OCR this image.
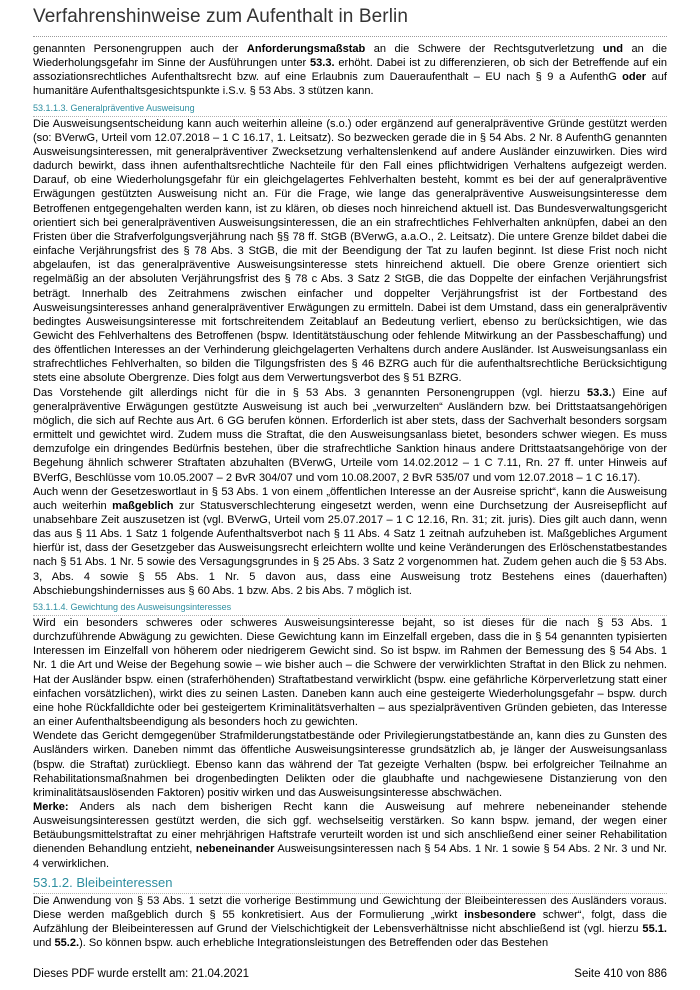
Verfahrenshinweise zum Aufenthalt in Berlin

genannten Personengruppen auch der Anforderungsmaßstab an die Schwere der Rechtsgutverletzung und an die Wiederholungsgefahr im Sinne der Ausführungen unter 53.3. erhöht. Dabei ist zu differenzieren, ob sich der Betreffende auf ein assoziationsrechtliches Aufenthaltsrecht bzw. auf eine Erlaubnis zum Daueraufenthalt – EU nach § 9 a AufenthG oder auf humanitäre Aufenthaltsgesichtspunkte i.S.v. § 53 Abs. 3 stützen kann.

53.1.1.3. Generalpräventive Ausweisung

Die Ausweisungsentscheidung kann auch weiterhin alleine (s.o.) oder ergänzend auf generalpräventive Gründe gestützt werden (so: BVerwG, Urteil vom 12.07.2018 – 1 C 16.17, 1. Leitsatz). So bezwecken gerade die in § 54 Abs. 2 Nr. 8 AufenthG genannten Ausweisungsinteressen, mit generalpräventiver Zwecksetzung verhaltenslenkend auf andere Ausländer einzuwirken. Dies wird dadurch bewirkt, dass ihnen aufenthaltsrechtliche Nachteile für den Fall eines pflichtwidrigen Verhaltens aufgezeigt werden. Darauf, ob eine Wiederholungsgefahr für ein gleichgelagertes Fehlverhalten besteht, kommt es bei der auf generalpräventive Erwägungen gestützten Ausweisung nicht an. Für die Frage, wie lange das generalpräventive Ausweisungsinteresse dem Betroffenen entgegengehalten werden kann, ist zu klären, ob dieses noch hinreichend aktuell ist. Das Bundesverwaltungsgericht orientiert sich bei generalpräventiven Ausweisungsinteressen, die an ein strafrechtliches Fehlverhalten anknüpfen, dabei an den Fristen über die Strafverfolgungsverjährung nach §§ 78 ff. StGB (BVerwG, a.a.O., 2. Leitsatz). Die untere Grenze bildet dabei die einfache Verjährungsfrist des § 78 Abs. 3 StGB, die mit der Beendigung der Tat zu laufen beginnt. Ist diese Frist noch nicht abgelaufen, ist das generalpräventive Ausweisungsinteresse stets hinreichend aktuell. Die obere Grenze orientiert sich regelmäßig an der absoluten Verjährungsfrist des § 78 c Abs. 3 Satz 2 StGB, die das Doppelte der einfachen Verjährungsfrist beträgt. Innerhalb des Zeitrahmens zwischen einfacher und doppelter Verjährungsfrist ist der Fortbestand des Ausweisungsinteresses anhand generalpräventiver Erwägungen zu ermitteln. Dabei ist dem Umstand, dass ein generalpräventiv bedingtes Ausweisungsinteresse mit fortschreitendem Zeitablauf an Bedeutung verliert, ebenso zu berücksichtigen, wie das Gewicht des Fehlverhaltens des Betroffenen (bspw. Identitätstäuschung oder fehlende Mitwirkung an der Passbeschaffung) und des öffentlichen Interesses an der Verhinderung gleichgelagerten Verhaltens durch andere Ausländer. Ist Ausweisungsanlass ein strafrechtliches Fehlverhalten, so bilden die Tilgungsfristen des § 46 BZRG auch für die aufenthaltsrechtliche Berücksichtigung stets eine absolute Obergrenze. Dies folgt aus dem Verwertungsverbot des § 51 BZRG.

Das Vorstehende gilt allerdings nicht für die in § 53 Abs. 3 genannten Personengruppen (vgl. hierzu 53.3.) Eine auf generalpräventive Erwägungen gestützte Ausweisung ist auch bei „verwurzelten“ Ausländern bzw. bei Drittstaatsangehörigen möglich, die sich auf Rechte aus Art. 6 GG berufen können. Erforderlich ist aber stets, dass der Sachverhalt besonders sorgsam ermittelt und gewichtet wird. Zudem muss die Straftat, die den Ausweisungsanlass bietet, besonders schwer wiegen. Es muss demzufolge ein dringendes Bedürfnis bestehen, über die strafrechtliche Sanktion hinaus andere Drittstaatsangehörige von der Begehung ähnlich schwerer Straftaten abzuhalten (BVerwG, Urteile vom 14.02.2012 – 1 C 7.11, Rn. 27 ff. unter Hinweis auf BVerfG, Beschlüsse vom 10.05.2007 – 2 BvR 304/07 und vom 10.08.2007, 2 BvR 535/07 und vom 12.07.2018 – 1 C 16.17).

Auch wenn der Gesetzeswortlaut in § 53 Abs. 1 von einem „öffentlichen Interesse an der Ausreise spricht“, kann die Ausweisung auch weiterhin maßgeblich zur Statusverschlechterung eingesetzt werden, wenn eine Durchsetzung der Ausreisepflicht auf unabsehbare Zeit auszusetzen ist (vgl. BVerwG, Urteil vom 25.07.2017 – 1 C 12.16, Rn. 31; zit. juris). Dies gilt auch dann, wenn das aus § 11 Abs. 1 Satz 1 folgende Aufenthaltsverbot nach § 11 Abs. 4 Satz 1 zeitnah aufzuheben ist. Maßgebliches Argument hierfür ist, dass der Gesetzgeber das Ausweisungsrecht erleichtern wollte und keine Veränderungen des Erlöschenstatbestandes nach § 51 Abs. 1 Nr. 5 sowie des Versagungsgrundes in § 25 Abs. 3 Satz 2 vorgenommen hat. Zudem gehen auch die § 53 Abs. 3, Abs. 4 sowie § 55 Abs. 1 Nr. 5 davon aus, dass eine Ausweisung trotz Bestehens eines (dauerhaften) Abschiebungshindernisses aus § 60 Abs. 1 bzw. Abs. 2 bis Abs. 7 möglich ist.

53.1.1.4. Gewichtung des Ausweisungsinteresses

Wird ein besonders schweres oder schweres Ausweisungsinteresse bejaht, so ist dieses für die nach § 53 Abs. 1 durchzuführende Abwägung zu gewichten. Diese Gewichtung kann im Einzelfall ergeben, dass die in § 54 genannten typisierten Interessen im Einzelfall von höherem oder niedrigerem Gewicht sind. So ist bspw. im Rahmen der Bemessung des § 54 Abs. 1 Nr. 1 die Art und Weise der Begehung sowie – wie bisher auch – die Schwere der verwirklichten Straftat in den Blick zu nehmen. Hat der Ausländer bspw. einen (straferhöhenden) Straftatbestand verwirklicht (bspw. eine gefährliche Körperverletzung statt einer einfachen vorsätzlichen), wirkt dies zu seinen Lasten. Daneben kann auch eine gesteigerte Wiederholungsgefahr – bspw. durch eine hohe Rückfalldichte oder bei gesteigertem Kriminalitätsverhalten – aus spezialpräventiven Gründen gebieten, das Interesse an einer Aufenthaltsbeendigung als besonders hoch zu gewichten.

Wendete das Gericht demgegenüber Strafmilderungstatbestände oder Privilegierungstatbestände an, kann dies zu Gunsten des Ausländers wirken. Daneben nimmt das öffentliche Ausweisungsinteresse grundsätzlich ab, je länger der Ausweisungsanlass (bspw. die Straftat) zurückliegt. Ebenso kann das während der Tat gezeigte Verhalten (bspw. bei erfolgreicher Teilnahme an Rehabilitationsmaßnahmen bei drogenbedingten Delikten oder die glaubhafte und nachgewiesene Distanzierung von den kriminalitätsauslösenden Faktoren) positiv wirken und das Ausweisungsinteresse abschwächen.

Merke: Anders als nach dem bisherigen Recht kann die Ausweisung auf mehrere nebeneinander stehende Ausweisungsinteressen gestützt werden, die sich ggf. wechselseitig verstärken. So kann bspw. jemand, der wegen einer Betäubungsmittelstraftat zu einer mehrjährigen Haftstrafe verurteilt worden ist und sich anschließend einer seiner Rehabilitation dienenden Behandlung entzieht, nebeneinander Ausweisungsinteressen nach § 54 Abs. 1 Nr. 1 sowie § 54 Abs. 2 Nr. 3 und Nr. 4 verwirklichen.

53.1.2. Bleibeinteressen

Die Anwendung von § 53 Abs. 1 setzt die vorherige Bestimmung und Gewichtung der Bleibeinteressen des Ausländers voraus. Diese werden maßgeblich durch § 55 konkretisiert. Aus der Formulierung „wirkt insbesondere schwer“, folgt, dass die Aufzählung der Bleibeinteressen auf Grund der Vielschichtigkeit der Lebensverhältnisse nicht abschließend ist (vgl. hierzu 55.1. und 55.2.). So können bspw. auch erhebliche Integrationsleistungen des Betreffenden oder das Bestehen

Dieses PDF wurde erstellt am: 21.04.2021	Seite 410 von 886
